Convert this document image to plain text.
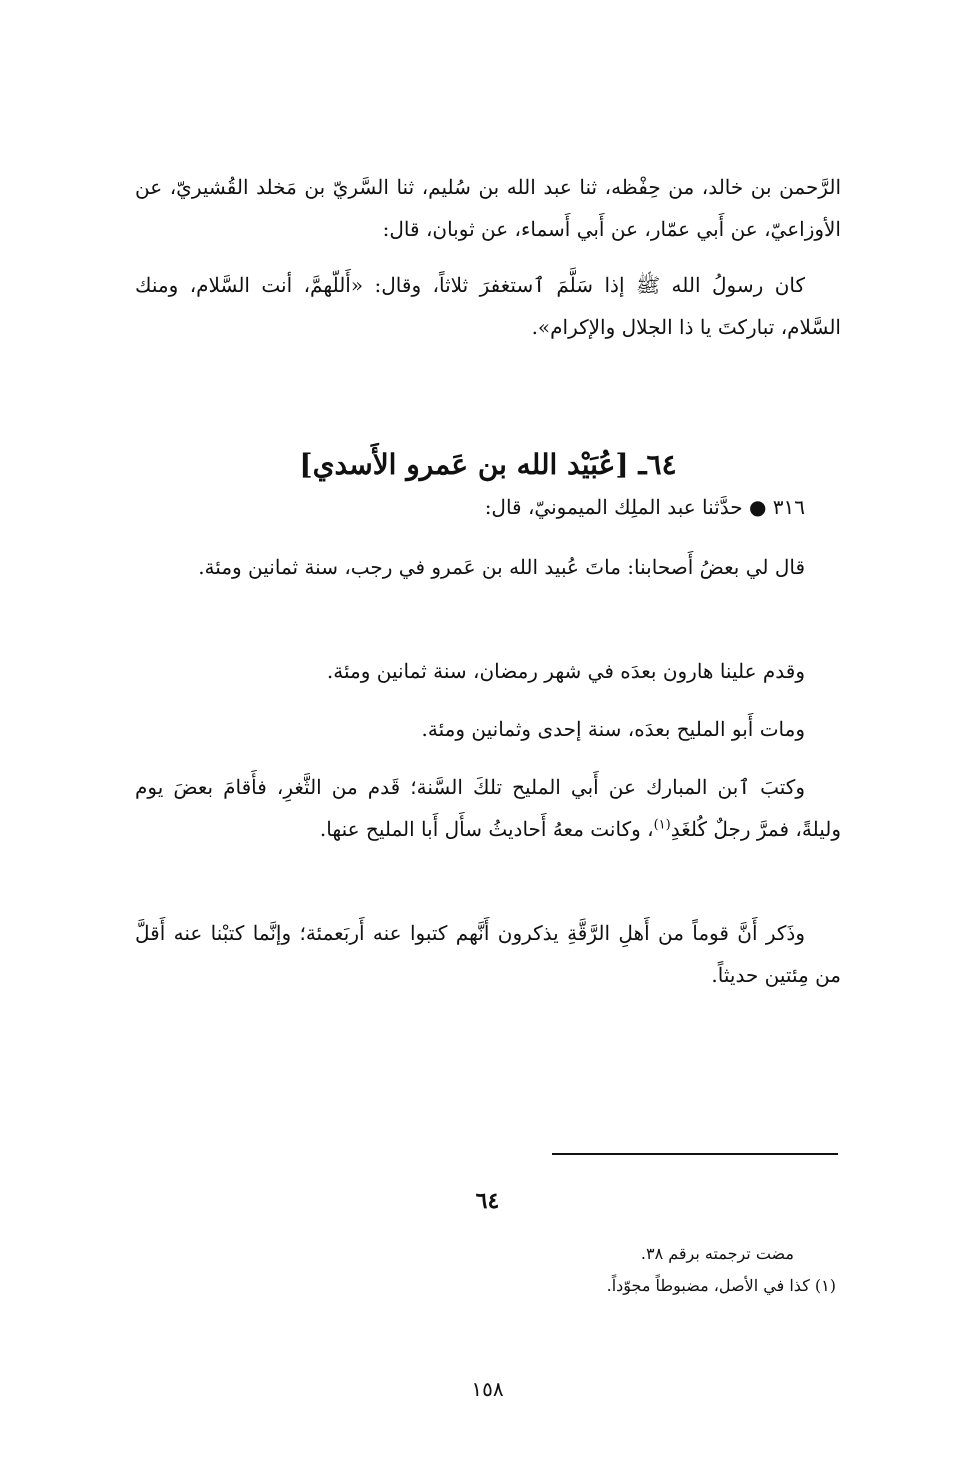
الرَّحمن بن خالد، من حِفْظه، ثنا عبد الله بن سُليم، ثنا السَّريّ بن مَخلد القُشيريّ، عن الأوزاعيّ، عن أَبي عمّار، عن أَبي أَسماء، عن ثوبان، قال:

كان رسولُ الله ﷺ إذا سَلَّمَ ٱستغفرَ ثلاثاً، وقال: «أَللّهمَّ، أنت السَّلام، ومنك السَّلام، تباركتَ يا ذا الجلال والإكرام».

٦٤ـ [عُبَيْد الله بن عَمرو الأَسدي]

٣١٦ ● حدَّثنا عبد الملِك الميمونيّ، قال:

قال لي بعضُ أَصحابنا: ماتَ عُبيد الله بن عَمرو في رجب، سنة ثمانين ومئة.

وقدم علينا هارون بعدَه في شهر رمضان، سنة ثمانين ومئة.

ومات أَبو المليح بعدَه، سنة إحدى وثمانين ومئة.

وكتبَ ٱبن المبارك عن أَبي المليح تلكَ السَّنة؛ قَدم من الثَّغرِ، فأَقامَ بعضَ يوم وليلةً، فمرَّ رجلٌ كُلغَدِ$^{(١)}$، وكانت معهُ أَحاديثُ سأَل أَبا المليح عنها.

وذَكر أَنَّ قوماً من أَهلِ الرَّقَّةِ يذكرون أَنَّهم كتبوا عنه أَربَعمئة؛ وإنَّما كتبْنا عنه أَقلَّ من مِئتين حديثاً.

٦٤
مضت ترجمته برقم ٣٨.
(١) كذا في الأصل، مضبوطاً مجوّداً.
١٥٨
